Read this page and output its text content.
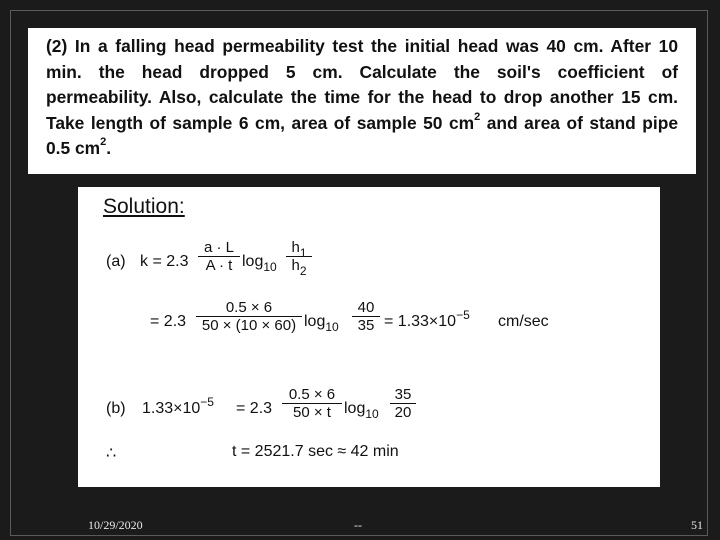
(2) In a falling head permeability test the initial head was 40 cm. After 10
min. the head dropped 5 cm. Calculate the soil's coefficient of
permeability. Also, calculate the time for the head to drop another 15 cm.
Take length of sample 6 cm, area of sample 50 $cm^2$ and area of stand pipe
0.5 $cm^2$.
Solution:
(a) k = 2.3
a · L
A · t $\log_{10}$
$h_1$
$h_2$
= 2.3
0.5 × 6
50 × (10 × 60) $\log_{10}$
40
$35 = 1.33\times 10^{-5}$ cm/sec
(b) $1.33\times 10^{-5} = 2.3$
0.5 × 6
50 × t $\log_{10}$
35
20
∴	t = 2521.7 sec ≈ 42 min
10/29/2020	--	51
